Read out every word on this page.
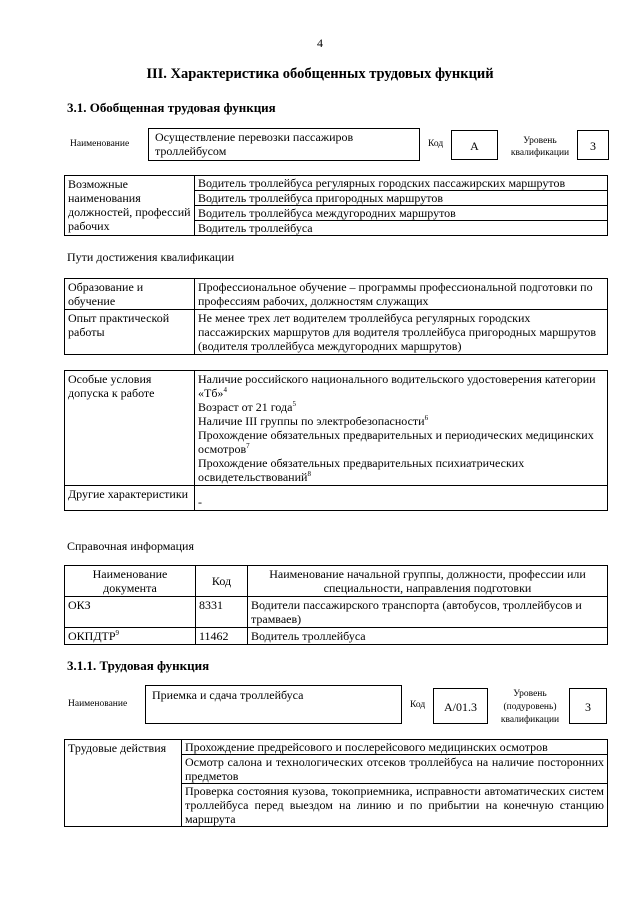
4
III. Характеристика обобщенных трудовых функций
3.1. Обобщенная трудовая функция
Наименование	Осуществление перевозки пассажиров троллейбусом	Код	A	Уровень квалификации	3
Возможные наименования должностей, профессий рабочих	
Водитель троллейбуса регулярных городских пассажирских маршрутов
Водитель троллейбуса пригородных маршрутов
Водитель троллейбуса междугородних маршрутов
Водитель троллейбуса
Пути достижения квалификации
Образование и обучение	Профессиональное обучение – программы профессиональной подготовки по профессиям рабочих, должностям служащих
Опыт практической работы	Не менее трех лет водителем троллейбуса регулярных городских пассажирских маршрутов для водителя троллейбуса пригородных маршрутов (водителя троллейбуса междугородних маршрутов)
Особые условия допуска к работе	Наличие российского национального водительского удостоверения категории «Tб»$^4$
Возраст от 21 года$^5$
Наличие III группы по электробезопасности$^6$
Прохождение обязательных предварительных и периодических медицинских осмотров$^7$
Прохождение обязательных предварительных психиатрических освидетельствований$^8$

Другие характеристики	-
Справочная информация
Наименование документа	Код	Наименование начальной группы, должности, профессии или специальности, направления подготовки
ОКЗ	8331	Водители пассажирского транспорта (автобусов, троллейбусов и трамваев)
ОКПДТР$^9$	11462	Водитель троллейбуса
3.1.1. Трудовая функция
Наименование
Приемка и сдача троллейбуса
Код	A/01.3
Уровень (подуровень) квалификации
3
Трудовые действия	Прохождение предрейсового и послерейсового медицинских осмотров
Осмотр салона и технологических отсеков троллейбуса на наличие посторонних предметов
Проверка состояния кузова, токоприемника, исправности автоматических систем троллейбуса перед выездом на линию и по прибытии на конечную станцию маршрута
